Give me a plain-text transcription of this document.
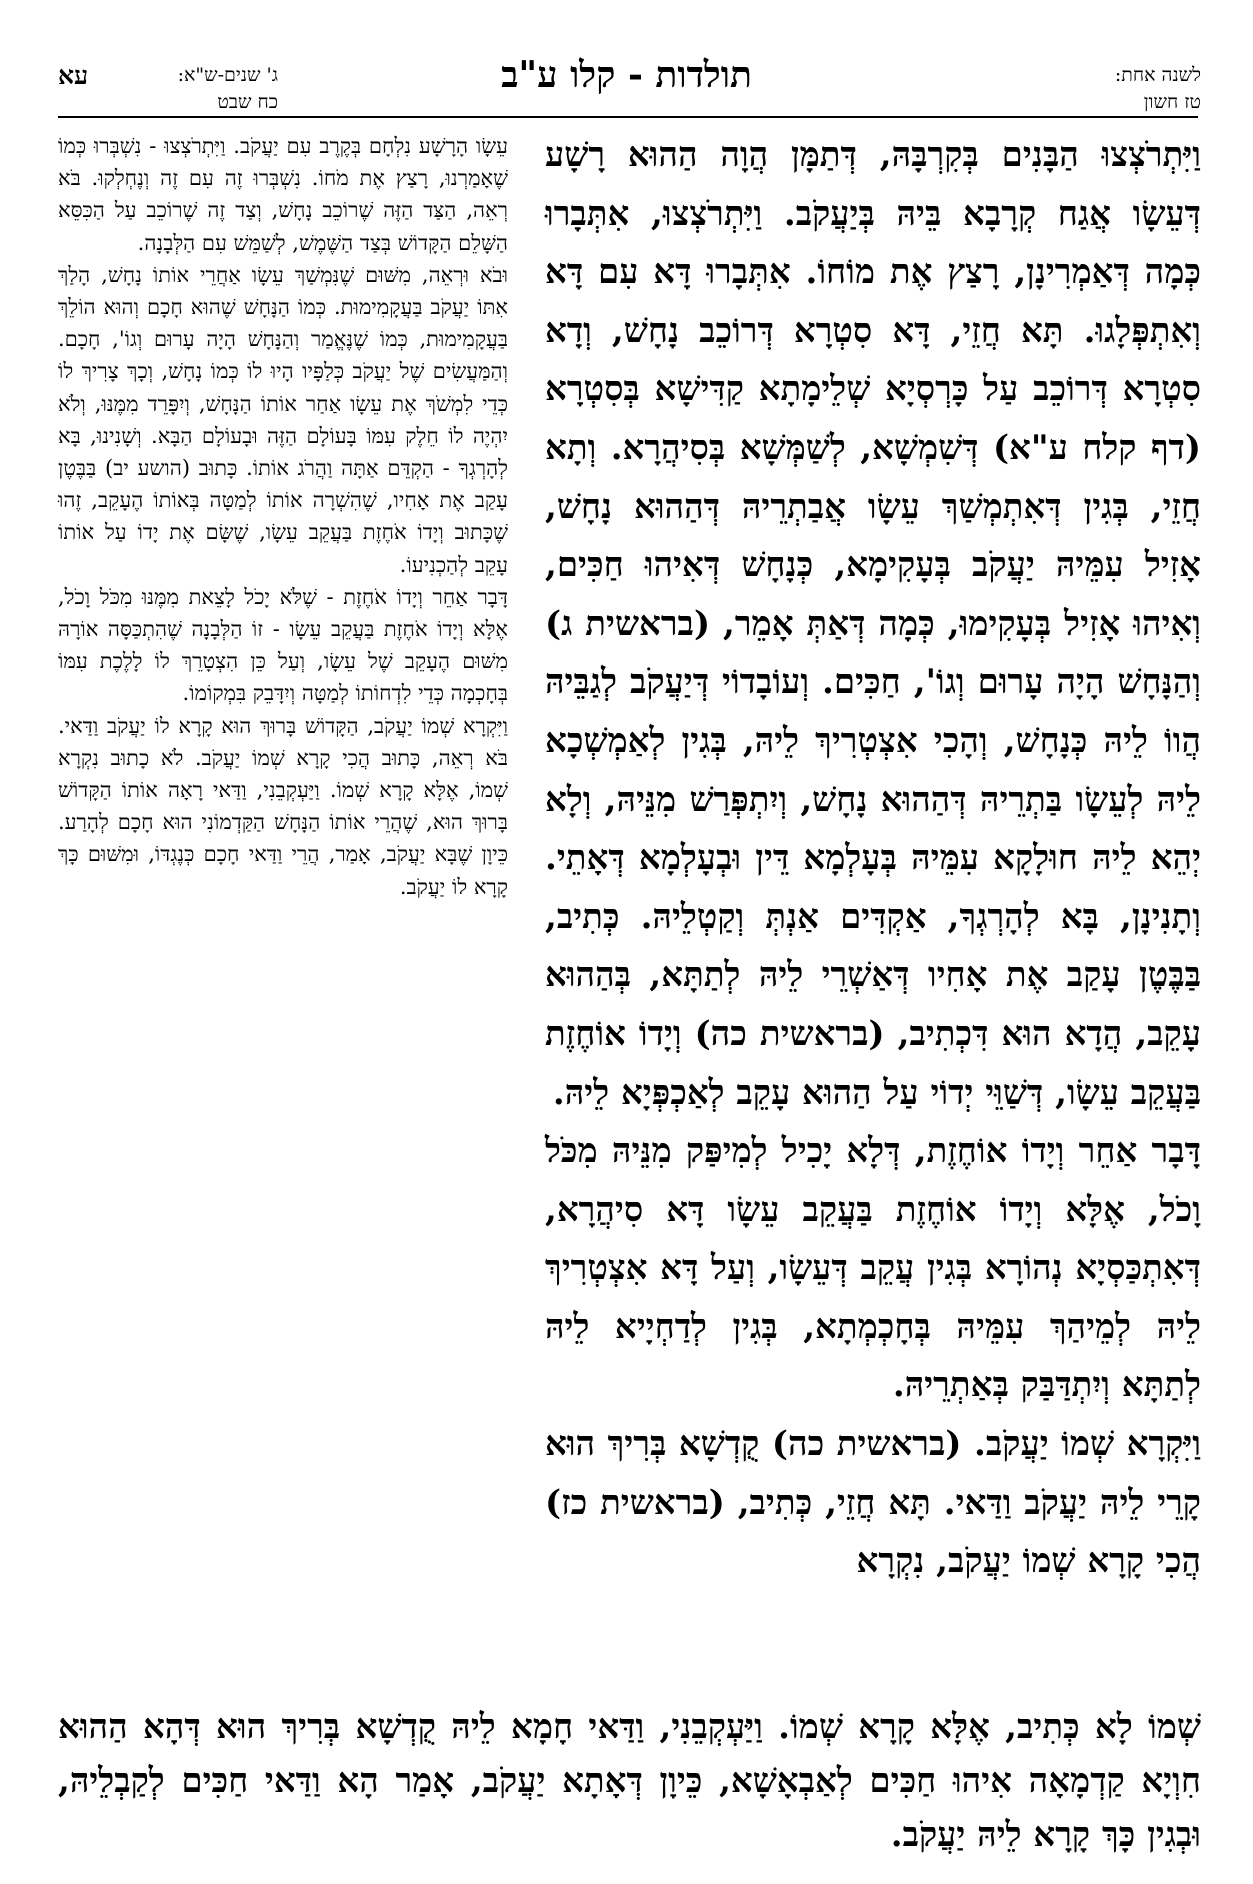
לשנה אחת:
טז חשון
תולדות - קלו ע"ב
ג' שנים-ש"א:
כח שבט
עא

וַיִּתְרֹצְצוּ הַבָּנִים בְּקִרְבָּהּ, דְּתַמָּן הֲוָה הַהוּא רָשָׁע דְּעֵשָׂו אֲגַח קְרָבָא בֵּיהּ בְּיַעֲקֹב. וַיִּתְרֹצְצוּ, אִתְּבָרוּ כְּמָה דְּאַמְרִינָן, רָצַץ אֶת מוֹחוֹ. אִתְּבָרוּ דָּא עִם דָּא וְאִתְפְּלָגוּ. תָּא חֲזֵי, דָּא סִטְרָא דְּרוֹכֵב נָחָשׁ, וְדָא סִטְרָא דְּרוֹכֵב עַל כָּרְסְיָא שְׁלֵימָתָא קַדִּישָׁא בְּסִטְרָא (דף קלח ע"א) דְּשִׁמְשָׁא, לְשַׁמְּשָׁא בְּסִיהֲרָא. וְתָא חֲזֵי, בְּגִין דְּאִתְמְשַׁךְ עֵשָׂו אֲבַתְרֵיהּ דְּהַהוּא נָחָשׁ, אָזִיל עִמֵּיהּ יַעֲקֹב בְּעָקִימָא, כְּנָחָשׁ דְּאִיהוּ חַכִּים, וְאִיהוּ אָזִיל בְּעָקִימוּ, כְּמָה דְּאַתְּ אָמֵר, (בראשית ג) וְהַנָּחָשׁ הָיָה עָרוּם וְגוֹ', חַכִּים. וְעוֹבָדוֹי דְּיַעֲקֹב לְגַבֵּיהּ הֲווֹ לֵיהּ כְּנָחָשׁ, וְהָכִי אִצְטְרִיךְ לֵיהּ, בְּגִין לְאַמְשְׁכָא לֵיהּ לְעֵשָׂו בַּתְרֵיהּ דְּהַהוּא נָחָשׁ, וְיִתְפְּרַשׁ מִנֵּיהּ, וְלָא יְהֵא לֵיהּ חוּלָקָא עִמֵּיהּ בְּעָלְמָא דֵּין וּבְעָלְמָא דְּאָתֵי. וְתָנִינָן, בָּא לְהָרְגְךָ, אַקְדִּים אַנְתְּ וְקַטְלֵיהּ. כְּתִיב, בַּבֶּטֶן עָקַב אֶת אָחִיו דְּאַשְׁרֵי לֵיהּ לְתַתָּא, בְּהַהוּא עָקֵב, הֲדָא הוּא דִּכְתִיב, (בראשית כה) וְיָדוֹ אוֹחֶזֶת בַּעֲקֵב עֵשָׂו, דְּשַׁוֵּי יְדוֹי עַל הַהוּא עָקֵב לְאַכְפְּיָא לֵיהּ.

דָּבָר אַחֵר וְיָדוֹ אוֹחֶזֶת, דְּלָא יָכִיל לְמִיפַּק מִנֵּיהּ מִכֹּל וָכֹל, אֶלָּא וְיָדוֹ אוֹחֶזֶת בַּעֲקֵב עֵשָׂו דָּא סִיהֲרָא, דְּאִתְכַּסְיָא נְהוֹרָא בְּגִין עֲקֵב דְּעֵשָׂו, וְעַל דָּא אִצְטְרִיךְ לֵיהּ לְמֵיהַךְ עִמֵּיהּ בְּחָכְמְתָא, בְּגִין לְדַחְיָיא לֵיהּ לְתַתָּא וְיִתְדַּבַּק בְּאַתְרֵיהּ.

וַיִּקְרָא שְׁמוֹ יַעֲקֹב. (בראשית כה) קֻדְשָׁא בְּרִיךְ הוּא קָרֵי לֵיהּ יַעֲקֹב וַדַּאי. תָּא חֲזֵי, כְּתִיב, (בראשית כז) הֲכִי קָרָא שְׁמוֹ יַעֲקֹב, נִקְרָא

עֵשָׂו הָרָשָׁע נִלְחָם בְּקֶרֶב עִם יַעֲקֹב. וַיִּתְרֹצְצוּ - נִשְׁבְּרוּ כְּמוֹ שֶׁאָמַרְנוּ, רָצַץ אֶת מֹחוֹ. נִשְׁבְּרוּ זֶה עִם זֶה וְנֶחְלְקוּ. בֹּא רְאֵה, הַצַּד הַזֶּה שֶׁרוֹכֵב נָחָשׁ, וְצַד זֶה שֶׁרוֹכֵב עַל הַכִּסֵּא הַשָּׁלֵם הַקָּדוֹשׁ בְּצַד הַשֶּׁמֶשׁ, לְשַׁמֵּשׁ עִם הַלְּבָנָה.

וּבֹא וּרְאֵה, מִשּׁוּם שֶׁנִּמְשַׁךְ עֵשָׂו אַחֲרֵי אוֹתוֹ נָחָשׁ, הָלַךְ אִתּוֹ יַעֲקֹב בַּעֲקָמִימוּת. כְּמוֹ הַנָּחָשׁ שֶׁהוּא חָכָם וְהוּא הוֹלֵךְ בַּעֲקָמִימוּת, כְּמוֹ שֶׁנֶּאֱמַר וְהַנָּחָשׁ הָיָה עָרוּם וְגוֹ', חָכָם. וְהַמַּעֲשִׂים שֶׁל יַעֲקֹב כְּלַפָּיו הָיוּ לוֹ כְּמוֹ נָחָשׁ, וְכָךְ צָרִיךְ לוֹ כְּדֵי לִמְשֹׁךְ אֶת עֵשָׂו אַחַר אוֹתוֹ הַנָּחָשׁ, וְיִפָּרֵד מִמֶּנּוּ, וְלֹא יִהְיֶה לוֹ חֵלֶק עִמּוֹ בָּעוֹלָם הַזֶּה וּבָעוֹלָם הַבָּא. וְשָׁנִינוּ, בָּא לְהָרְגְךָ - הַקְדֵּם אַתָּה וַהֲרֹג אוֹתוֹ. כָּתוּב (הושע יב) בַּבֶּטֶן עָקַב אֶת אָחִיו, שֶׁהִשְׁרָה אוֹתוֹ לְמַטָּה בְּאוֹתוֹ הֶעָקֵב, זֶהוּ שֶׁכָּתוּב וְיָדוֹ אֹחֶזֶת בַּעֲקֵב עֵשָׂו, שֶׁשָּׂם אֶת יָדוֹ עַל אוֹתוֹ עָקֵב לְהַכְנִיעוֹ.

דָּבָר אַחֵר וְיָדוֹ אֹחֶזֶת - שֶׁלֹּא יָכֹל לָצֵאת מִמֶּנּוּ מִכֹּל וָכֹל, אֶלָּא וְיָדוֹ אֹחֶזֶת בַּעֲקֵב עֵשָׂו - זוֹ הַלְּבָנָה שֶׁהִתְכַּסָּה אוֹרָהּ מִשּׁוּם הֶעָקֵב שֶׁל עֵשָׂו, וְעַל כֵּן הִצְטָרֵךְ לוֹ לָלֶכֶת עִמּוֹ בְּחָכְמָה כְּדֵי לִדְחוֹתוֹ לְמַטָּה וְיִדָּבֵק בִּמְקוֹמוֹ.

וַיִּקְרָא שְׁמוֹ יַעֲקֹב, הַקָּדוֹשׁ בָּרוּךְ הוּא קָרָא לוֹ יַעֲקֹב וַדַּאי. בֹּא רְאֵה, כָּתוּב הֲכִי קָרָא שְׁמוֹ יַעֲקֹב. לֹא כָתוּב נִקְרָא שְׁמוֹ, אֶלָּא קָרָא שְׁמוֹ. וַיַּעְקְבֵנִי, וַדַּאי רָאָה אוֹתוֹ הַקָּדוֹשׁ בָּרוּךְ הוּא, שֶׁהֲרֵי אוֹתוֹ הַנָּחָשׁ הַקַּדְמוֹנִי הוּא חָכָם לְהָרַע. כֵּיוָן שֶׁבָּא יַעֲקֹב, אָמַר, הֲרֵי וַדַּאי חָכָם כְּנֶגְדּוֹ, וּמִשּׁוּם כָּךְ קָרָא לוֹ יַעֲקֹב.

שְׁמוֹ לָא כְּתִיב, אֶלָּא קָרָא שְׁמוֹ. וַיַּעְקְבֵנִי, וַדַּאי חָמָא לֵיהּ קֻדְשָׁא בְּרִיךְ הוּא דְּהָא הַהוּא חִוְיָא קַדְמָאָה אִיהוּ חַכִּים לְאַבְאָשָׁא, כֵּיוָן דְּאָתָא יַעֲקֹב, אָמַר הָא וַדַּאי חַכִּים לְקַבְלֵיהּ, וּבְגִין כָּךְ קָרָא לֵיהּ יַעֲקֹב.
